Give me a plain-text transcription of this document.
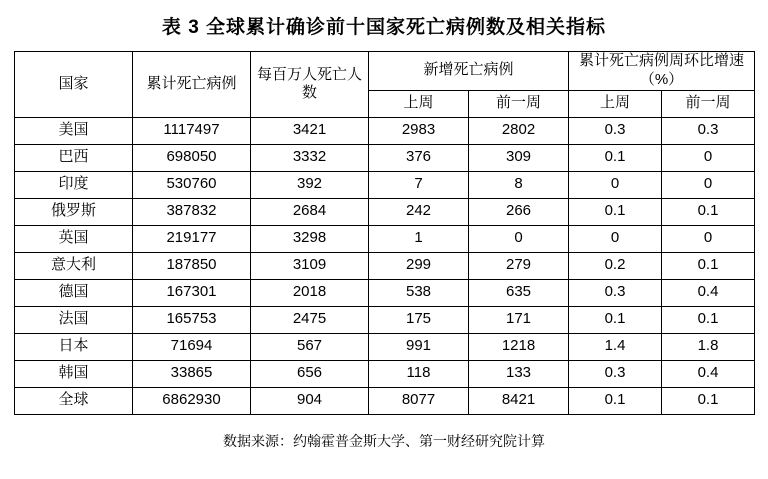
表 3 全球累计确诊前十国家死亡病例数及相关指标
国家	累计死亡病例	每百万人死亡人数	新增死亡病例		累计死亡病例周环比增速（%）	
			上周	前一周	上周	前一周
美国	1117497	3421	2983	2802	0.3	0.3
巴西	698050	3332	376	309	0.1	0
印度	530760	392	7	8	0	0
俄罗斯	387832	2684	242	266	0.1	0.1
英国	219177	3298	1	0	0	0
意大利	187850	3109	299	279	0.2	0.1
德国	167301	2018	538	635	0.3	0.4
法国	165753	2475	175	171	0.1	0.1
日本	71694	567	991	1218	1.4	1.8
韩国	33865	656	118	133	0.3	0.4
全球	6862930	904	8077	8421	0.1	0.1
数据来源：约翰霍普金斯大学、第一财经研究院计算
